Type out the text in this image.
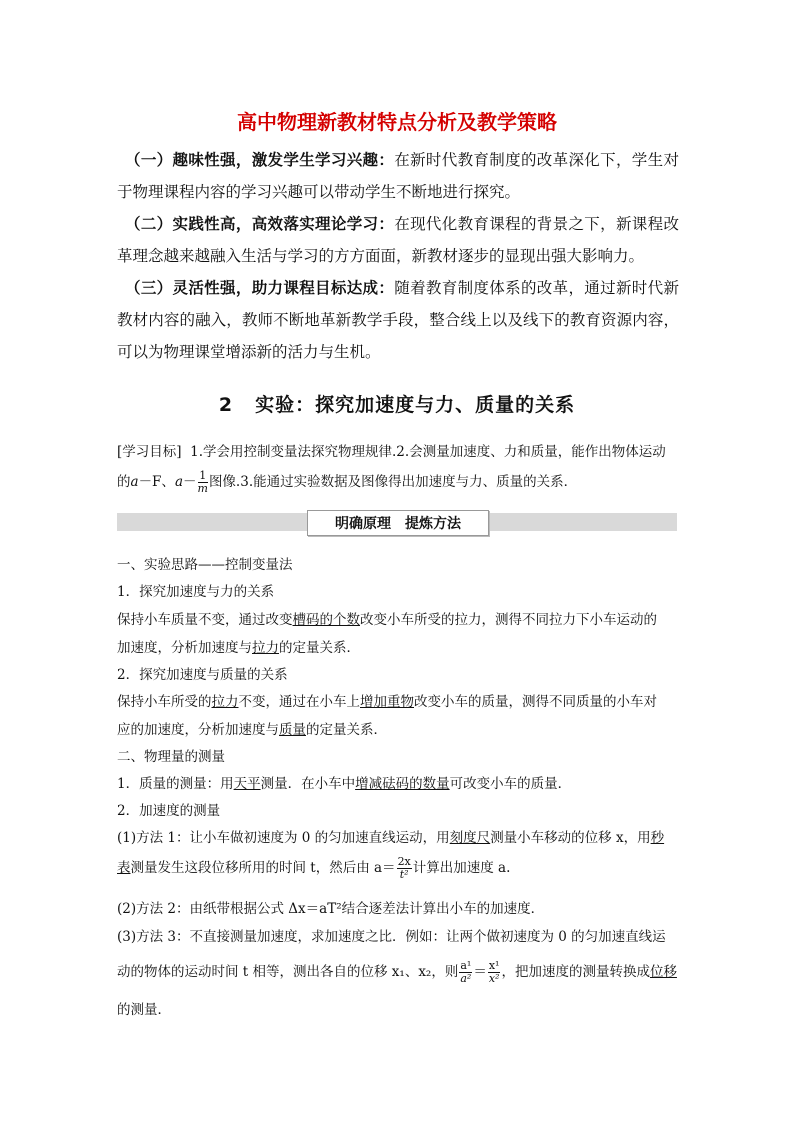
高中物理新教材特点分析及教学策略
（一）趣味性强，激发学生学习兴趣：在新时代教育制度的改革深化下，学生对于物理课程内容的学习兴趣可以带动学生不断地进行探究。
（二）实践性高，高效落实理论学习：在现代化教育课程的背景之下，新课程改革理念越来越融入生活与学习的方方面面，新教材逐步的显现出强大影响力。
（三）灵活性强，助力课程目标达成：随着教育制度体系的改革，通过新时代新教材内容的融入，教师不断地革新教学手段，整合线上以及线下的教育资源内容，可以为物理课堂增添新的活力与生机。
2 实验：探究加速度与力、质量的关系
[学习目标] 1.学会用控制变量法探究物理规律.2.会测量加速度、力和质量，能作出物体运动
的a－F、$a- \frac{1}{m}$ 图像.3.能通过实验数据及图像得出加速度与力、质量的关系．
明确原理 提炼方法
一、实验思路——控制变量法
1．探究加速度与力的关系
保持小车质量不变，通过改变槽码的个数改变小车所受的拉力，测得不同拉力下小车运动的
加速度，分析加速度与拉力的定量关系．
2．探究加速度与质量的关系
保持小车所受的拉力不变，通过在小车上增加重物改变小车的质量，测得不同质量的小车对
应的加速度，分析加速度与质量的定量关系．
二、物理量的测量
1．质量的测量：用天平测量．在小车中增减砝码的数量可改变小车的质量．
2．加速度的测量
(1)方法 1：让小车做初速度为 0 的匀加速直线运动，用刻度尺测量小车移动的位移 x，用秒
表测量发生这段位移所用的时间 t，然后由 $a= \frac{2x}{\text{t²}}$ 计算出加速度 a.
(2)方法 2：由纸带根据公式 Δx＝aT²结合逐差法计算出小车的加速度．
(3)方法 3：不直接测量加速度，求加速度之比．例如：让两个做初速度为 0 的匀加速直线运
动的物体的运动时间 t 相等，测出各自的位移 x₁、x₂，则 $\frac{\text{a¹}}{\text{a²}} = \frac{\text{x¹}}{\text{x²}}$ ，把加速度的测量转换成位移
的测量．
